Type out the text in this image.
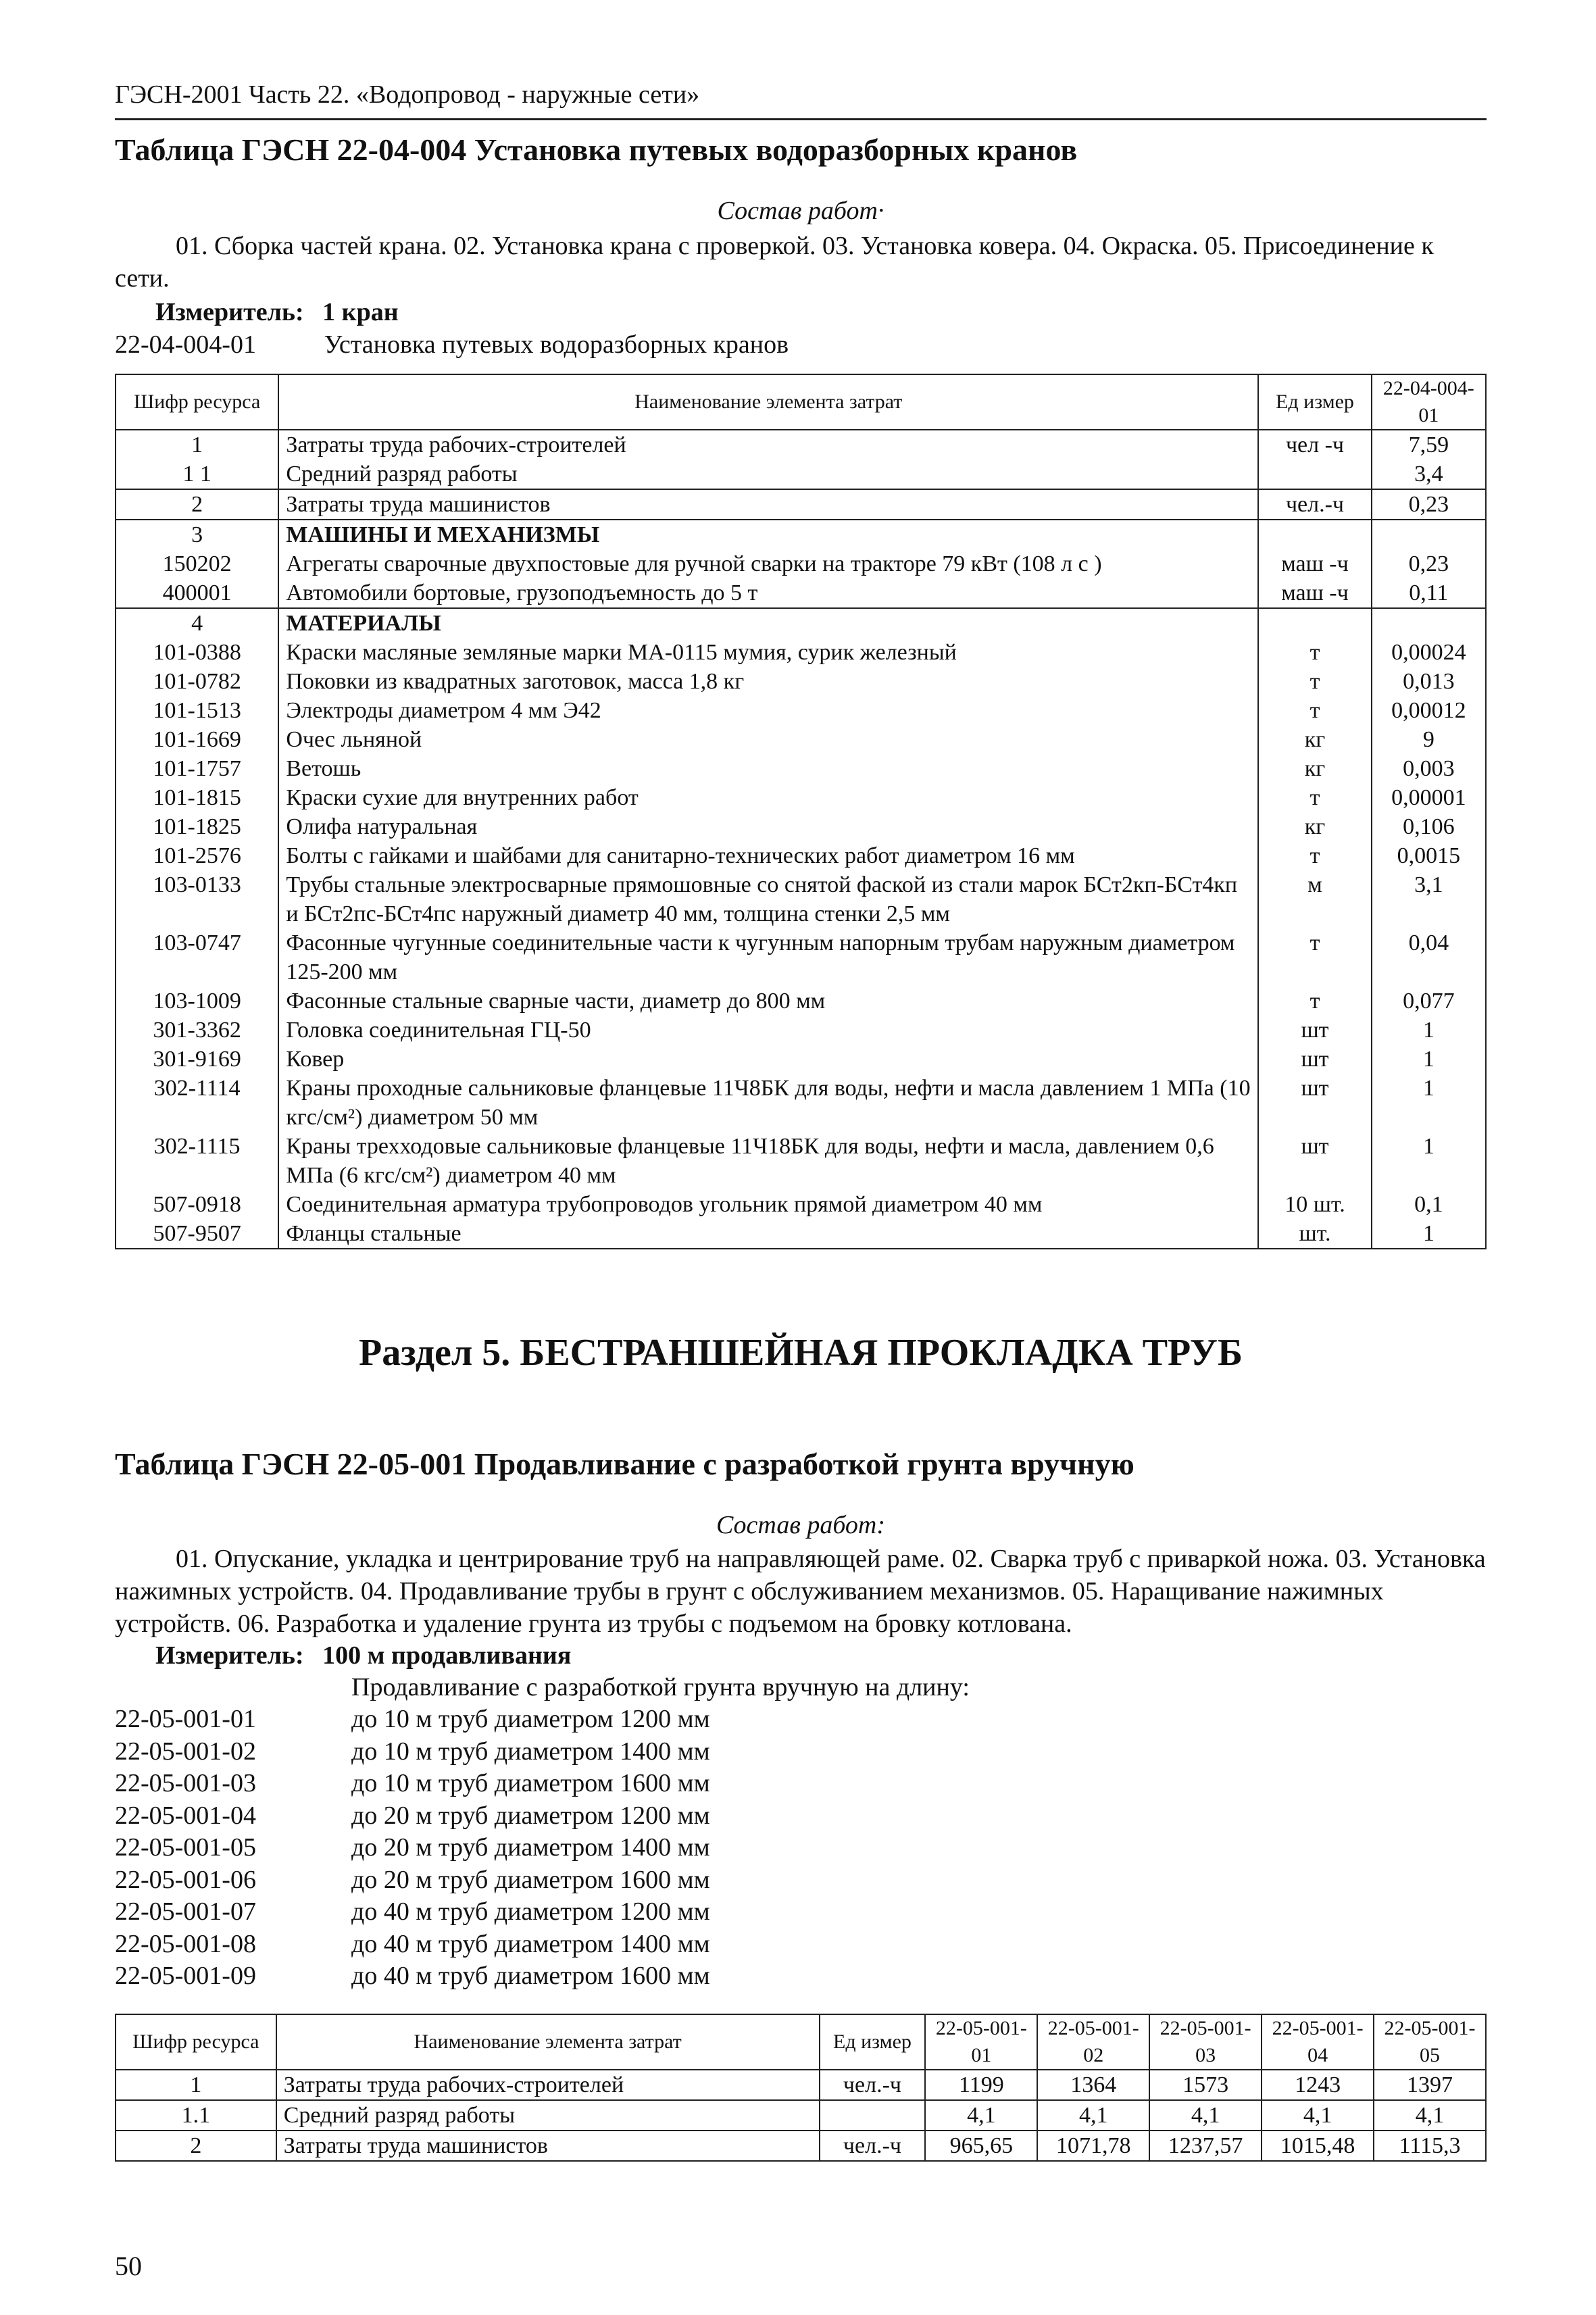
ГЭСН-2001 Часть 22. «Водопровод - наружные сети»
Таблица ГЭСН 22-04-004 Установка путевых водоразборных кранов
Состав работ·
01. Сборка частей крана. 02. Установка крана с проверкой. 03. Установка ковера. 04. Окраска. 05. Присоединение к сети.
Измеритель: 1 кран
22-04-004-01	Установка путевых водоразборных кранов
Шифр ресурса	Наименование элемента затрат	Ед измер	22-04-004-01
1	Затраты труда рабочих-строителей	чел -ч	7,59
1 1	Средний разряд работы		3,4
2	Затраты труда машинистов	чел.-ч	0,23
3	МАШИНЫ И МЕХАНИЗМЫ		
150202	Агрегаты сварочные двухпостовые для ручной сварки на тракторе 79 кВт (108 л с )	маш -ч	0,23
400001	Автомобили бортовые, грузоподъемность до 5 т	маш -ч	0,11
4	МАТЕРИАЛЫ		
101-0388	Краски масляные земляные марки МА-0115 мумия, сурик железный	т	0,00024
101-0782	Поковки из квадратных заготовок, масса 1,8 кг	т	0,013
101-1513	Электроды диаметром 4 мм Э42	т	0,00012
101-1669	Очес льняной	кг	9
101-1757	Ветошь	кг	0,003
101-1815	Краски сухие для внутренних работ	т	0,00001
101-1825	Олифа натуральная	кг	0,106
101-2576	Болты с гайками и шайбами для санитарно-технических работ диаметром 16 мм	т	0,0015
103-0133	Трубы стальные электросварные прямошовные со снятой фаской из стали марок БСт2кп-БСт4кп и БСт2пс-БСт4пс наружный диаметр 40 мм, толщина стенки 2,5 мм	м	3,1
103-0747	Фасонные чугунные соединительные части к чугунным напорным трубам наружным диаметром 125-200 мм	т	0,04
103-1009	Фасонные стальные сварные части, диаметр до 800 мм	т	0,077
301-3362	Головка соединительная ГЦ-50	шт	1
301-9169	Ковер	шт	1
302-1114	Краны проходные сальниковые фланцевые 11Ч8БК для воды, нефти и масла давлением 1 МПа (10 кгс/см²) диаметром 50 мм	шт	1
302-1115	Краны трехходовые сальниковые фланцевые 11Ч18БК для воды, нефти и масла, давлением 0,6 МПа (6 кгс/см²) диаметром 40 мм	шт	1
507-0918	Соединительная арматура трубопроводов угольник прямой диаметром 40 мм	10 шт.	0,1
507-9507	Фланцы стальные	шт.	1
Раздел 5. БЕСТРАНШЕЙНАЯ ПРОКЛАДКА ТРУБ
Таблица ГЭСН 22-05-001 Продавливание с разработкой грунта вручную
Состав работ:
01. Опускание, укладка и центрирование труб на направляющей раме. 02. Сварка труб с приваркой ножа. 03. Установка нажимных устройств. 04. Продавливание трубы в грунт с обслуживанием механизмов. 05. Наращивание нажимных устройств. 06. Разработка и удаление грунта из трубы с подъемом на бровку котлована.
Измеритель: 100 м продавливания
Продавливание с разработкой грунта вручную на длину:
22-05-001-01	до 10 м труб диаметром 1200 мм
22-05-001-02	до 10 м труб диаметром 1400 мм
22-05-001-03	до 10 м труб диаметром 1600 мм
22-05-001-04	до 20 м труб диаметром 1200 мм
22-05-001-05	до 20 м труб диаметром 1400 мм
22-05-001-06	до 20 м труб диаметром 1600 мм
22-05-001-07	до 40 м труб диаметром 1200 мм
22-05-001-08	до 40 м труб диаметром 1400 мм
22-05-001-09	до 40 м труб диаметром 1600 мм
Шифр ресурса	Наименование элемента затрат	Ед измер	22-05-001-01	22-05-001-02	22-05-001-03	22-05-001-04	22-05-001-05
1	Затраты труда рабочих-строителей	чел.-ч	1199	1364	1573	1243	1397
1.1	Средний разряд работы		4,1	4,1	4,1	4,1	4,1
2	Затраты труда машинистов	чел.-ч	965,65	1071,78	1237,57	1015,48	1115,3
50
